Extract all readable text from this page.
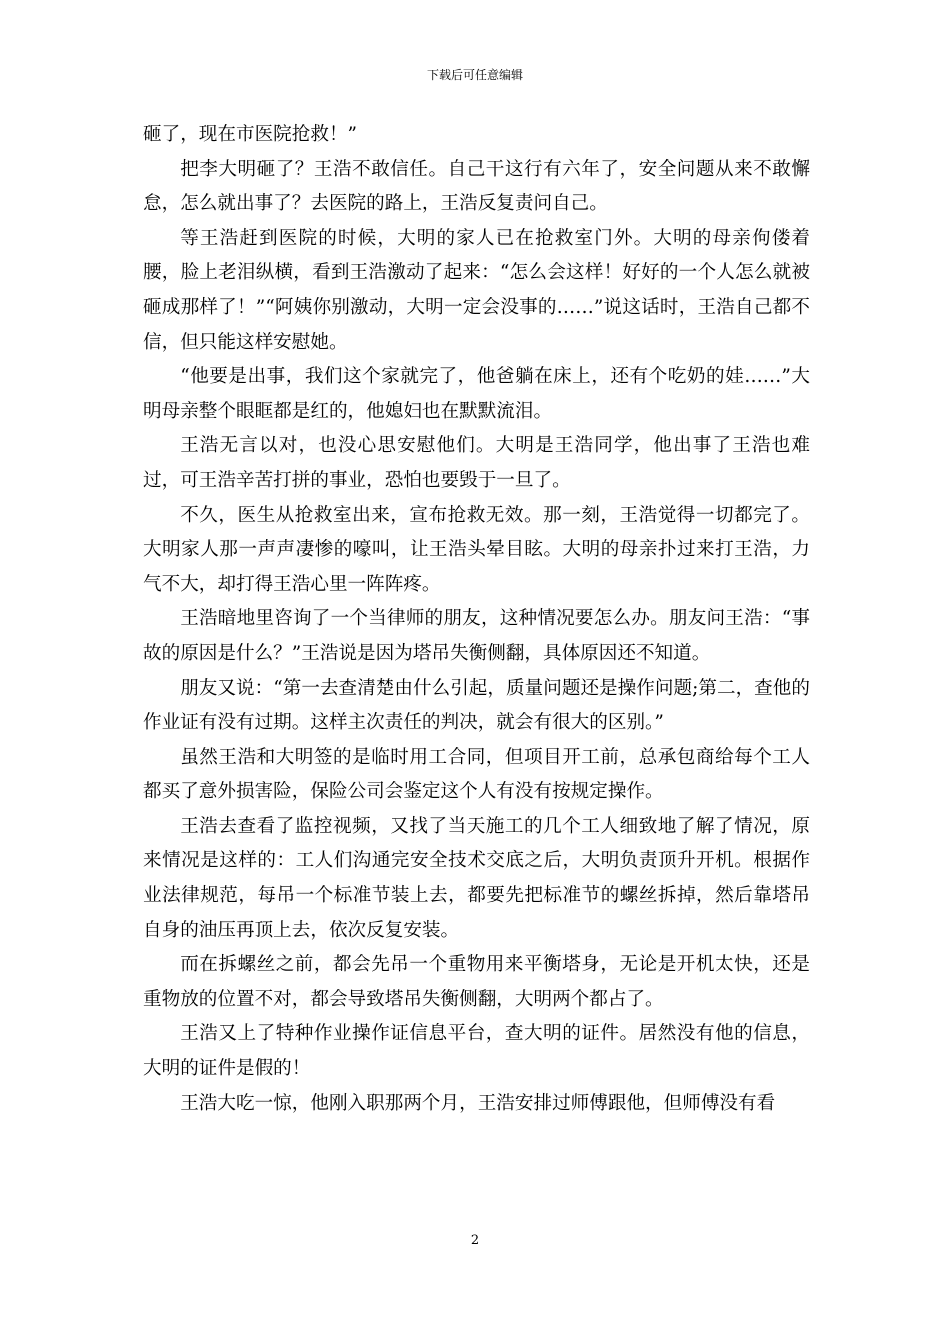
下载后可任意编辑

砸了，现在市医院抢救！”

把李大明砸了？王浩不敢信任。自己干这行有六年了，安全问题从来不敢懈怠，怎么就出事了？去医院的路上，王浩反复责问自己。

等王浩赶到医院的时候，大明的家人已在抢救室门外。大明的母亲佝偻着腰，脸上老泪纵横，看到王浩激动了起来：“怎么会这样！好好的一个人怎么就被砸成那样了！”“阿姨你别激动，大明一定会没事的……”说这话时，王浩自己都不信，但只能这样安慰她。

“他要是出事，我们这个家就完了，他爸躺在床上，还有个吃奶的娃……”大明母亲整个眼眶都是红的，他媳妇也在默默流泪。

王浩无言以对，也没心思安慰他们。大明是王浩同学，他出事了王浩也难过，可王浩辛苦打拼的事业，恐怕也要毁于一旦了。

不久，医生从抢救室出来，宣布抢救无效。那一刻，王浩觉得一切都完了。大明家人那一声声凄惨的嚎叫，让王浩头晕目眩。大明的母亲扑过来打王浩，力气不大，却打得王浩心里一阵阵疼。

王浩暗地里咨询了一个当律师的朋友，这种情况要怎么办。朋友问王浩：“事故的原因是什么？”王浩说是因为塔吊失衡侧翻，具体原因还不知道。

朋友又说：“第一去查清楚由什么引起，质量问题还是操作问题;第二，查他的作业证有没有过期。这样主次责任的判决，就会有很大的区别。”

虽然王浩和大明签的是临时用工合同，但项目开工前，总承包商给每个工人都买了意外损害险，保险公司会鉴定这个人有没有按规定操作。

王浩去查看了监控视频，又找了当天施工的几个工人细致地了解了情况，原来情况是这样的：工人们沟通完安全技术交底之后，大明负责顶升开机。根据作业法律规范，每吊一个标准节装上去，都要先把标准节的螺丝拆掉，然后靠塔吊自身的油压再顶上去，依次反复安装。

而在拆螺丝之前，都会先吊一个重物用来平衡塔身，无论是开机太快，还是重物放的位置不对，都会导致塔吊失衡侧翻，大明两个都占了。

王浩又上了特种作业操作证信息平台，查大明的证件。居然没有他的信息，大明的证件是假的！

王浩大吃一惊，他刚入职那两个月，王浩安排过师傅跟他，但师傅没有看

2
